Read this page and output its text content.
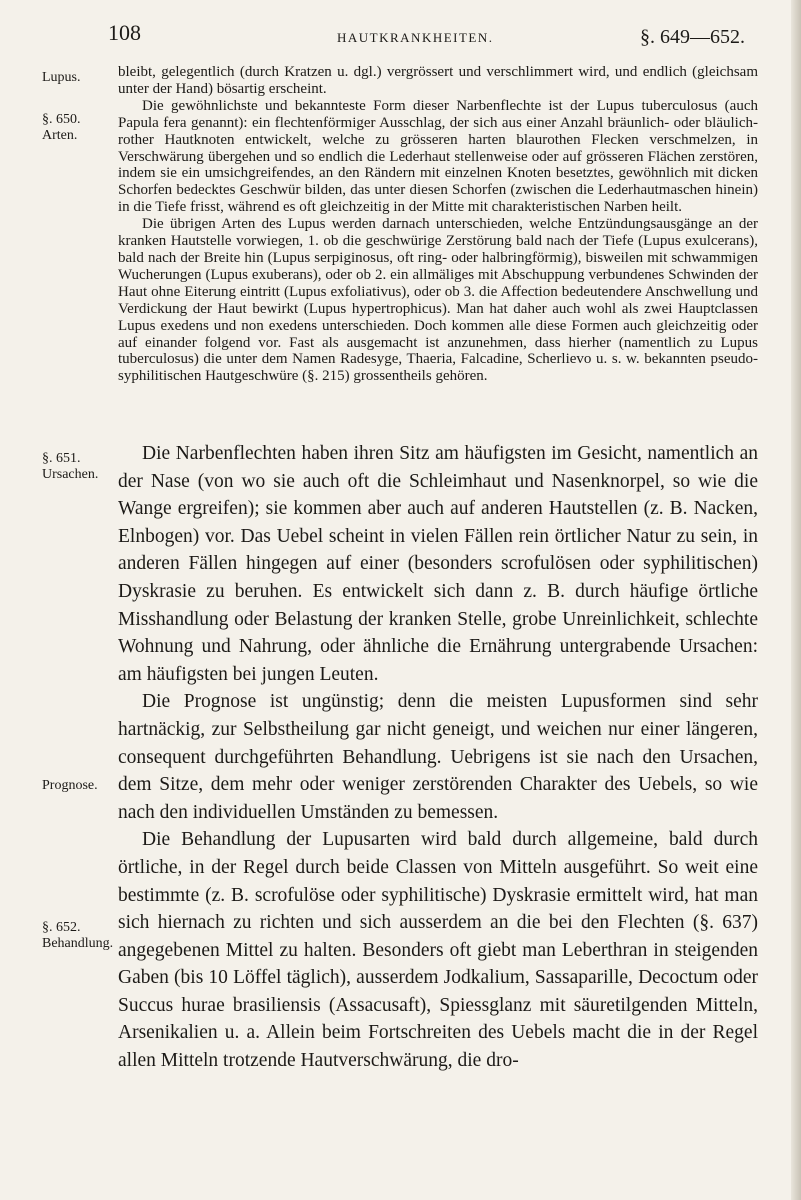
108	HAUTKRANKHEITEN.	§. 649—652.
Lupus.
§. 650.
Arten.
§. 651.
Ursachen.
Prognose.
§. 652.
Behandlung.

bleibt, gelegentlich (durch Kratzen u. dgl.) vergrössert und verschlimmert wird, und endlich (gleichsam unter der Hand) bösartig erscheint.

Die gewöhnlichste und bekannteste Form dieser Narbenflechte ist der Lupus tuberculosus (auch Papula fera genannt): ein flechtenförmiger Ausschlag, der sich aus einer Anzahl bräunlich- oder bläulich-rother Hautknoten entwickelt, welche zu grösseren harten blaurothen Flecken verschmelzen, in Verschwärung übergehen und so endlich die Lederhaut stellenweise oder auf grösseren Flächen zerstören, indem sie ein umsichgreifendes, an den Rändern mit einzelnen Knoten besetztes, gewöhnlich mit dicken Schorfen bedecktes Geschwür bilden, das unter diesen Schorfen (zwischen die Lederhautmaschen hinein) in die Tiefe frisst, während es oft gleichzeitig in der Mitte mit charakteristischen Narben heilt.

Die übrigen Arten des Lupus werden darnach unterschieden, welche Entzündungsausgänge an der kranken Hautstelle vorwiegen, 1. ob die geschwürige Zerstörung bald nach der Tiefe (Lupus exulcerans), bald nach der Breite hin (Lupus serpiginosus, oft ring- oder halbringförmig), bisweilen mit schwammigen Wucherungen (Lupus exuberans), oder ob 2. ein allmäliges mit Abschuppung verbundenes Schwinden der Haut ohne Eiterung eintritt (Lupus exfoliativus), oder ob 3. die Affection bedeutendere Anschwellung und Verdickung der Haut bewirkt (Lupus hypertrophicus). Man hat daher auch wohl als zwei Hauptclassen Lupus exedens und non exedens unterschieden. Doch kommen alle diese Formen auch gleichzeitig oder auf einander folgend vor. Fast als ausgemacht ist anzunehmen, dass hierher (namentlich zu Lupus tuberculosus) die unter dem Namen Radesyge, Thaeria, Falcadine, Scherlievo u. s. w. bekannten pseudo-syphilitischen Hautgeschwüre (§. 215) grossentheils gehören.

Die Narbenflechten haben ihren Sitz am häufigsten im Gesicht, namentlich an der Nase (von wo sie auch oft die Schleimhaut und Nasenknorpel, so wie die Wange ergreifen); sie kommen aber auch auf anderen Hautstellen (z. B. Nacken, Elnbogen) vor. Das Uebel scheint in vielen Fällen rein örtlicher Natur zu sein, in anderen Fällen hingegen auf einer (besonders scrofulösen oder syphilitischen) Dyskrasie zu beruhen. Es entwickelt sich dann z. B. durch häufige örtliche Misshandlung oder Belastung der kranken Stelle, grobe Unreinlichkeit, schlechte Wohnung und Nahrung, oder ähnliche die Ernährung untergrabende Ursachen: am häufigsten bei jungen Leuten.

Die Prognose ist ungünstig; denn die meisten Lupusformen sind sehr hartnäckig, zur Selbstheilung gar nicht geneigt, und weichen nur einer längeren, consequent durchgeführten Behandlung. Uebrigens ist sie nach den Ursachen, dem Sitze, dem mehr oder weniger zerstörenden Charakter des Uebels, so wie nach den individuellen Umständen zu bemessen.

Die Behandlung der Lupusarten wird bald durch allgemeine, bald durch örtliche, in der Regel durch beide Classen von Mitteln ausgeführt. So weit eine bestimmte (z. B. scrofulöse oder syphilitische) Dyskrasie ermittelt wird, hat man sich hiernach zu richten und sich ausserdem an die bei den Flechten (§. 637) angegebenen Mittel zu halten. Besonders oft giebt man Leberthran in steigenden Gaben (bis 10 Löffel täglich), ausserdem Jodkalium, Sassaparille, Decoctum oder Succus hurae brasiliensis (Assacusaft), Spiessglanz mit säuretilgenden Mitteln, Arsenikalien u. a. Allein beim Fortschreiten des Uebels macht die in der Regel allen Mitteln trotzende Hautverschwärung, die dro-
